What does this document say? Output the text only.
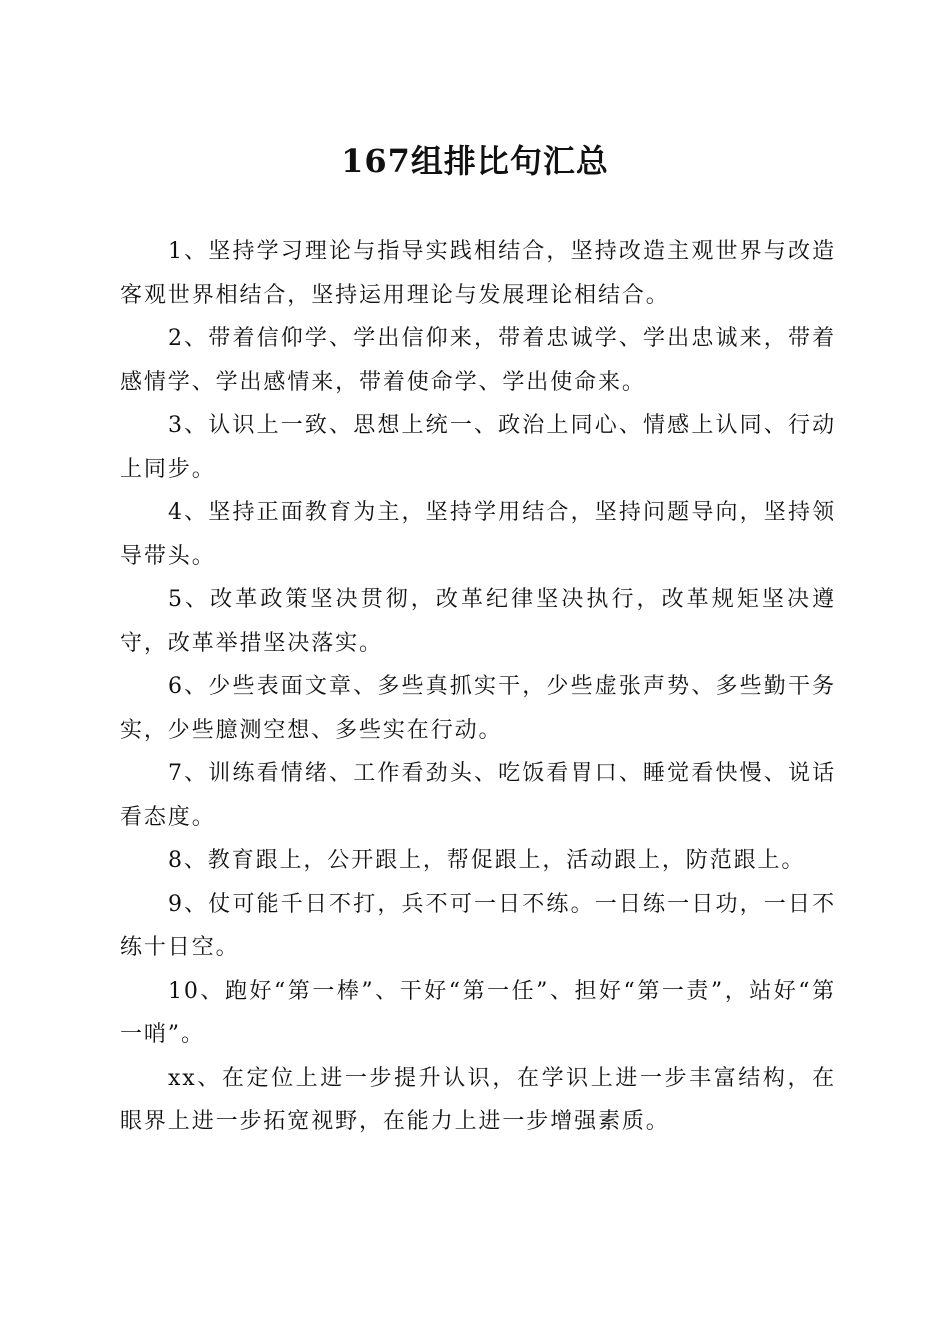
167组排比句汇总

1、坚持学习理论与指导实践相结合，坚持改造主观世界与改造客观世界相结合，坚持运用理论与发展理论相结合。

2、带着信仰学、学出信仰来，带着忠诚学、学出忠诚来，带着感情学、学出感情来，带着使命学、学出使命来。

3、认识上一致、思想上统一、政治上同心、情感上认同、行动上同步。

4、坚持正面教育为主，坚持学用结合，坚持问题导向，坚持领导带头。

5、改革政策坚决贯彻，改革纪律坚决执行，改革规矩坚决遵守，改革举措坚决落实。

6、少些表面文章、多些真抓实干，少些虚张声势、多些勤干务实，少些臆测空想、多些实在行动。

7、训练看情绪、工作看劲头、吃饭看胃口、睡觉看快慢、说话看态度。

8、教育跟上，公开跟上，帮促跟上，活动跟上，防范跟上。

9、仗可能千日不打，兵不可一日不练。一日练一日功，一日不练十日空。

10、跑好“第一棒”、干好“第一任”、担好“第一责”，站好“第一哨”。

xx、在定位上进一步提升认识，在学识上进一步丰富结构，在眼界上进一步拓宽视野，在能力上进一步增强素质。
